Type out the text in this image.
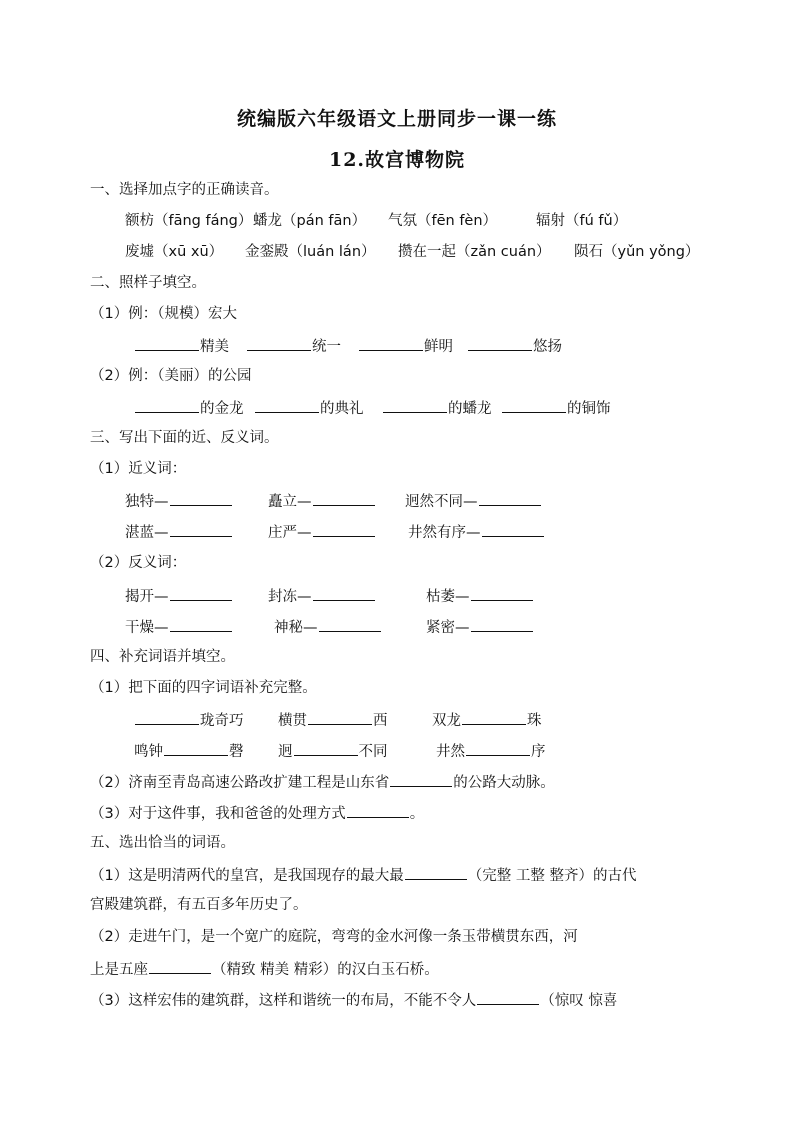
统编版六年级语文上册同步一课一练
12.故宫博物院
一、选择加点字的正确读音。
额枋（fāng fáng） 蟠龙（pán fān） 气氛（fēn fèn）	辐射（fú fǔ）
废墟（xū xū） 金銮殿（luán lán） 攒在一起（zǎn cuán） 陨石（yǔn yǒng）
二、照样子填空。
（1）例：（规模）宏大
精美	统一	鲜明	悠扬
（2）例：（美丽）的公园
的金龙	的典礼	的蟠龙	的铜饰
三、写出下面的近、反义词。
（1）近义词：
独特—	矗立—	迥然不同—
湛蓝—	庄严—	井然有序—
（2）反义词：
揭开—	封冻—	枯萎—
干燥—	神秘—	紧密—
四、补充词语并填空。
（1）把下面的四字词语补充完整。
珑奇巧 横贯	西	双龙	珠
鸣钟	磬 迥	不同	井然	序
（2）济南至青岛高速公路改扩建工程是山东省	的公路大动脉。
（3）对于这件事，我和爸爸的处理方式	。
五、选出恰当的词语。
（1）这是明清两代的皇宫，是我国现存的最大最	（完整 工整 整齐）的古代
宫殿建筑群，有五百多年历史了。
（2）走进午门，是一个宽广的庭院，弯弯的金水河像一条玉带横贯东西，河
上是五座	（精致 精美 精彩）的汉白玉石桥。
（3）这样宏伟的建筑群，这样和谐统一的布局，不能不令人	（惊叹 惊喜
